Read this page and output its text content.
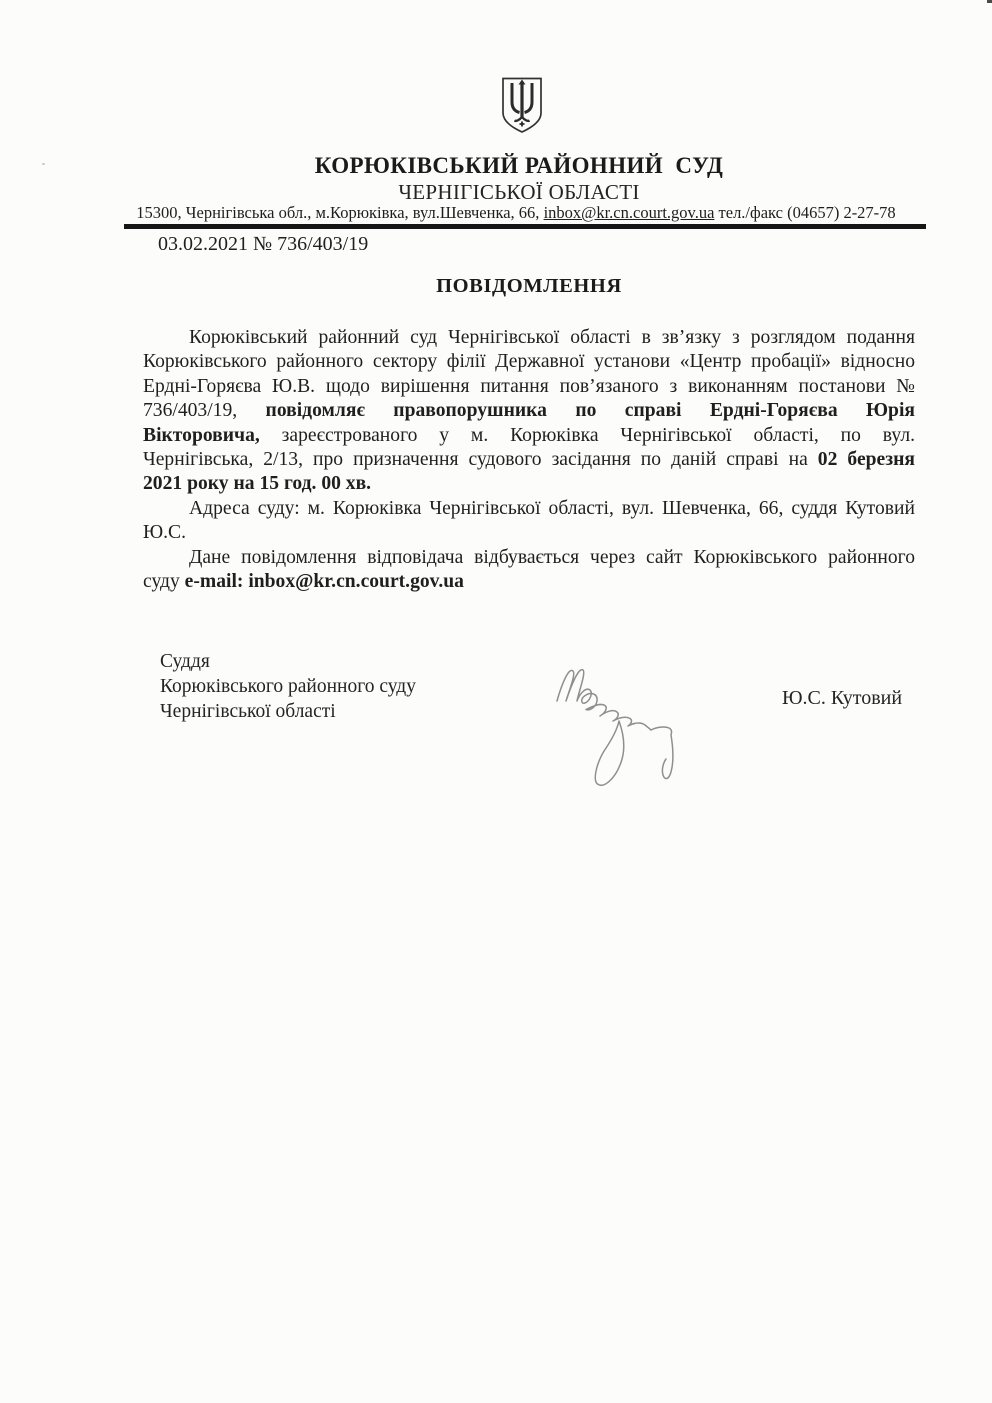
КОРЮКІВСЬКИЙ РАЙОННИЙ  СУД
ЧЕРНІГІСЬКОЇ ОБЛАСТІ
15300, Чернігівська обл., м.Корюківка, вул.Шевченка, 66, inbox@kr.cn.court.gov.ua тел./факс (04657) 2-27-78
03.02.2021 № 736/403/19
ПОВІДОМЛЕННЯ
Корюківський районний суд Чернігівської області в зв’язку з розглядом подання
Корюківського районного сектору філії Державної установи «Центр пробації» відносно
Ердні-Горяєва Ю.В. щодо вирішення питання пов’язаного з виконанням постанови №
736/403/19, повідомляє правопорушника по справі Ердні-Горяєва Юрія
Вікторовича, зареєстрованого у м. Корюківка Чернігівської області, по вул.
Чернігівська, 2/13, про призначення судового засідання по даній справі на 02 березня
2021 року на 15 год. 00 хв.
Адреса суду: м. Корюківка Чернігівської області, вул. Шевченка, 66, суддя Кутовий
Ю.С.
Дане повідомлення відповідача відбувається через сайт Корюківського районного
суду e-mail: inbox@kr.cn.court.gov.ua
Суддя
Корюківського районного суду
Чернігівської області
Ю.С. Кутовий
